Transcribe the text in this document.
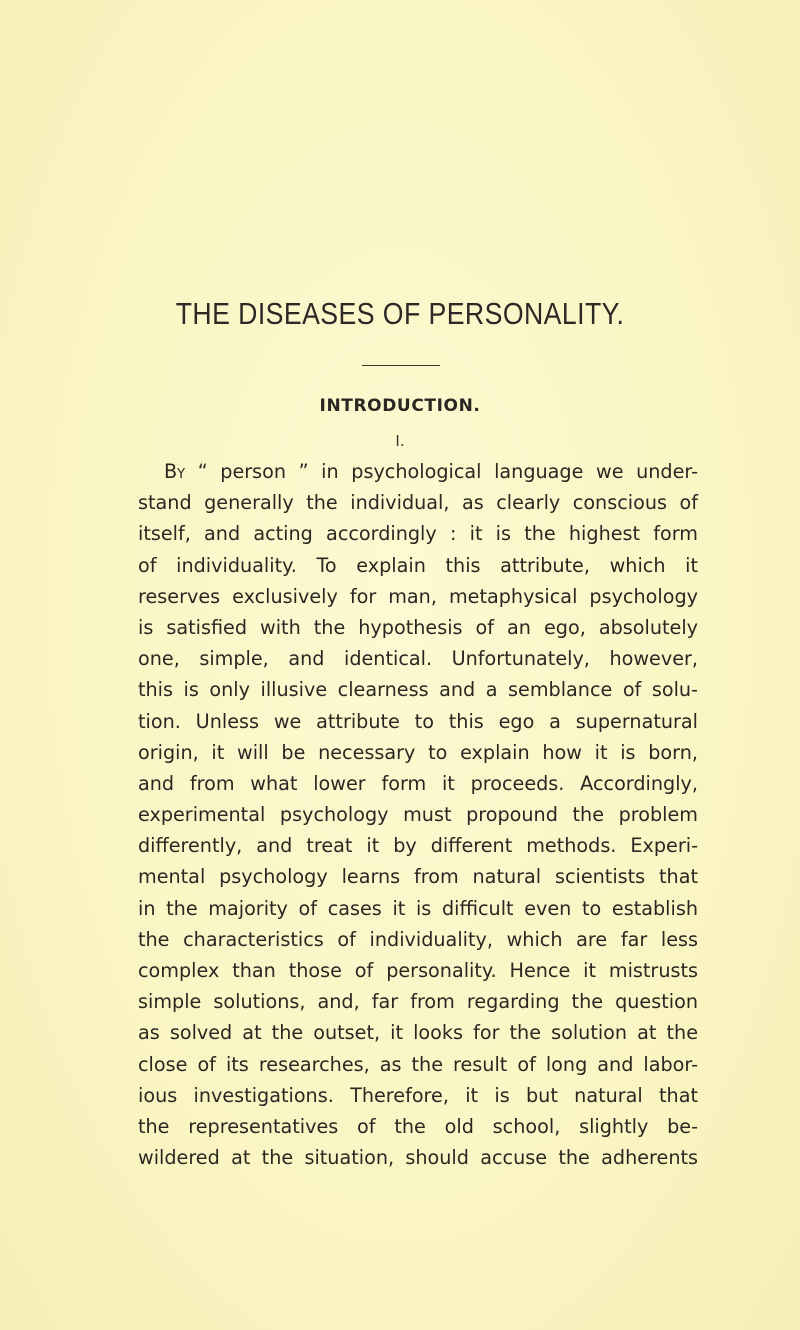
THE DISEASES OF PERSONALITY.
INTRODUCTION.
I.
By “ person ” in psychological language we under-
stand generally the individual, as clearly conscious of
itself, and acting accordingly : it is the highest form
of individuality. To explain this attribute, which it
reserves exclusively for man, metaphysical psychology
is satisfied with the hypothesis of an ego, absolutely
one, simple, and identical. Unfortunately, however,
this is only illusive clearness and a semblance of solu-
tion. Unless we attribute to this ego a supernatural
origin, it will be necessary to explain how it is born,
and from what lower form it proceeds. Accordingly,
experimental psychology must propound the problem
differently, and treat it by different methods. Experi-
mental psychology learns from natural scientists that
in the majority of cases it is difficult even to establish
the characteristics of individuality, which are far less
complex than those of personality. Hence it mistrusts
simple solutions, and, far from regarding the question
as solved at the outset, it looks for the solution at the
close of its researches, as the result of long and labor-
ious investigations. Therefore, it is but natural that
the representatives of the old school, slightly be-
wildered at the situation, should accuse the adherents
